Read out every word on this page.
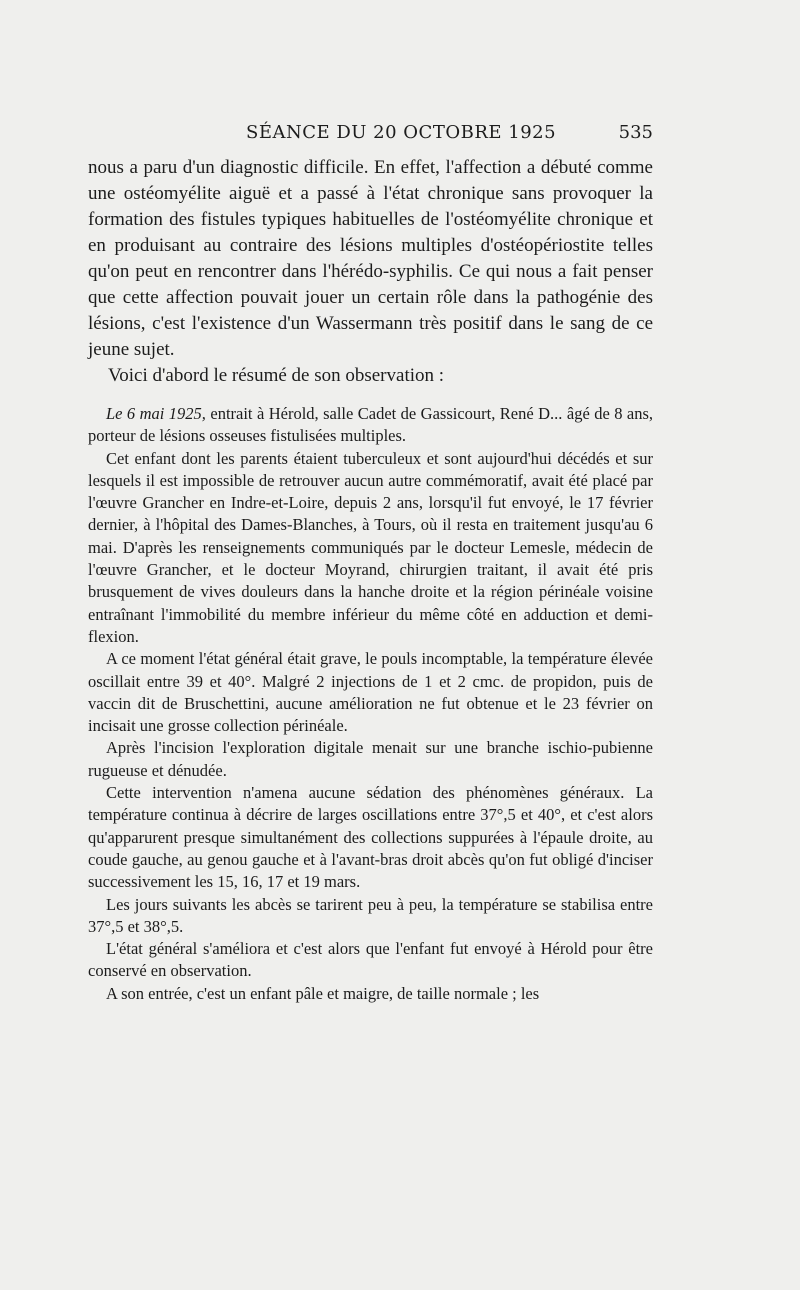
SÉANCE DU 20 OCTOBRE 1925	535

nous a paru d'un diagnostic difficile. En effet, l'affection a débuté comme une ostéomyélite aiguë et a passé à l'état chronique sans provoquer la formation des fistules typiques habituelles de l'ostéomyélite chronique et en produisant au contraire des lésions multiples d'ostéopériostite telles qu'on peut en rencontrer dans l'hérédo-syphilis. Ce qui nous a fait penser que cette affection pouvait jouer un certain rôle dans la pathogénie des lésions, c'est l'existence d'un Wassermann très positif dans le sang de ce jeune sujet.

Voici d'abord le résumé de son observation :

Le 6 mai 1925, entrait à Hérold, salle Cadet de Gassicourt, René D... âgé de 8 ans, porteur de lésions osseuses fistulisées multiples.

Cet enfant dont les parents étaient tuberculeux et sont aujourd'hui décédés et sur lesquels il est impossible de retrouver aucun autre commémoratif, avait été placé par l'œuvre Grancher en Indre-et-Loire, depuis 2 ans, lorsqu'il fut envoyé, le 17 février dernier, à l'hôpital des Dames-Blanches, à Tours, où il resta en traitement jusqu'au 6 mai. D'après les renseignements communiqués par le docteur Lemesle, médecin de l'œuvre Grancher, et le docteur Moyrand, chirurgien traitant, il avait été pris brusquement de vives douleurs dans la hanche droite et la région périnéale voisine entraînant l'immobilité du membre inférieur du même côté en adduction et demi-flexion.

A ce moment l'état général était grave, le pouls incomptable, la température élevée oscillait entre 39 et 40°. Malgré 2 injections de 1 et 2 cmc. de propidon, puis de vaccin dit de Bruschettini, aucune amélioration ne fut obtenue et le 23 février on incisait une grosse collection périnéale.

Après l'incision l'exploration digitale menait sur une branche ischio-pubienne rugueuse et dénudée.

Cette intervention n'amena aucune sédation des phénomènes généraux. La température continua à décrire de larges oscillations entre 37°,5 et 40°, et c'est alors qu'apparurent presque simultanément des collections suppurées à l'épaule droite, au coude gauche, au genou gauche et à l'avant-bras droit abcès qu'on fut obligé d'inciser successivement les 15, 16, 17 et 19 mars.

Les jours suivants les abcès se tarirent peu à peu, la température se stabilisa entre 37°,5 et 38°,5.

L'état général s'améliora et c'est alors que l'enfant fut envoyé à Hérold pour être conservé en observation.

A son entrée, c'est un enfant pâle et maigre, de taille normale ; les
